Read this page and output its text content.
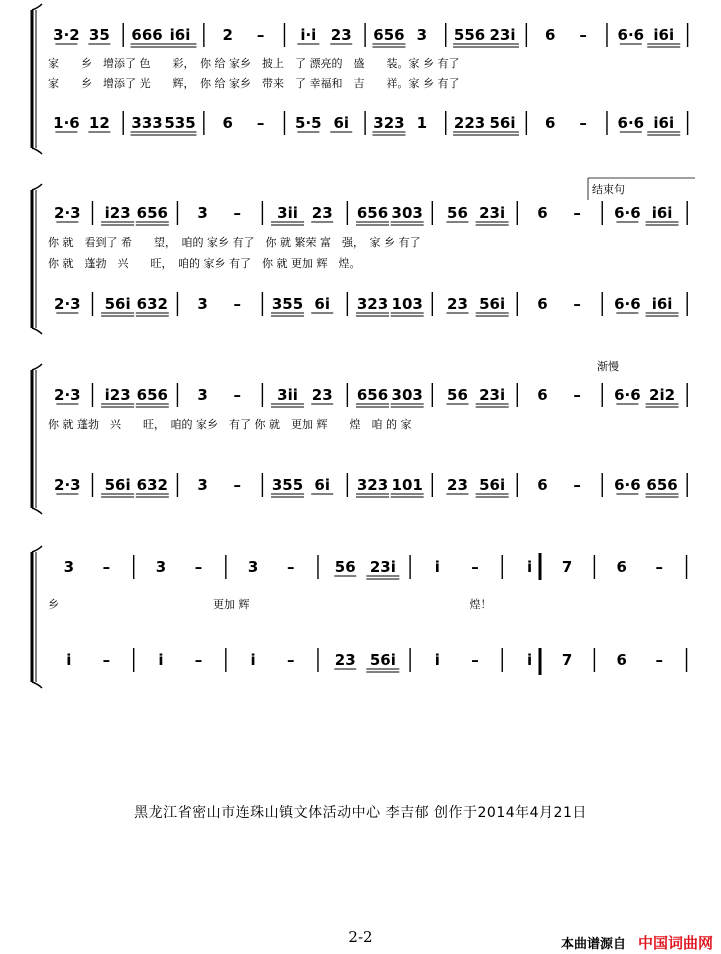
3·2 35 666 i6i 2 – i·i 23 656 3 556 23i 6 – 6·6 i6i
1·6 12 333 535 6 – 5·5 6i 323 1 223 56i 6 – 6·6 i6i
家　　乡　增添了 色　　彩，　你 给 家乡　披上　了 漂亮的　盛　　装。家 乡 有了
家　　乡　增添了 光　　辉，　你 给 家乡　带来　了 幸福和　吉　　祥。家 乡 有了
2·3 i23 656 3 – 3ii 23 656 303 56 23i 6 – 6·6 i6i
2·3 56i 632 3 – 355 6i 323 103 23 56i 6 – 6·6 i6i
你 就　看到了 希　　望，　咱的 家乡 有了　你 就 繁荣 富　强，　家 乡 有了
你 就　蓬勃　兴　　旺，　咱的 家乡 有了　你 就 更加 辉　煌。
结束句
2·3 i23 656 3 – 3ii 23 656 303 56 23i 6 – 6·6 2i2
2·3 56i 632 3 – 355 6i 323 101 23 56i 6 – 6·6 656
你 就 蓬勃　兴　　旺，　咱的 家乡　有了 你 就　更加 辉　　煌　咱 的 家
渐慢
3 –	3 –	3 –	56 23i	i –	i 7	6 –
i –	i –	i –	23 56i	i –	i 7	6 –
乡　　　　　　　　　　　　　　更加 辉　　　　　　　　　　　　　　　　　　　　煌！
黑龙江省密山市连珠山镇文体活动中心 李吉郁 创作于2014年4月21日
2-2	本曲谱源自 中国词曲网
